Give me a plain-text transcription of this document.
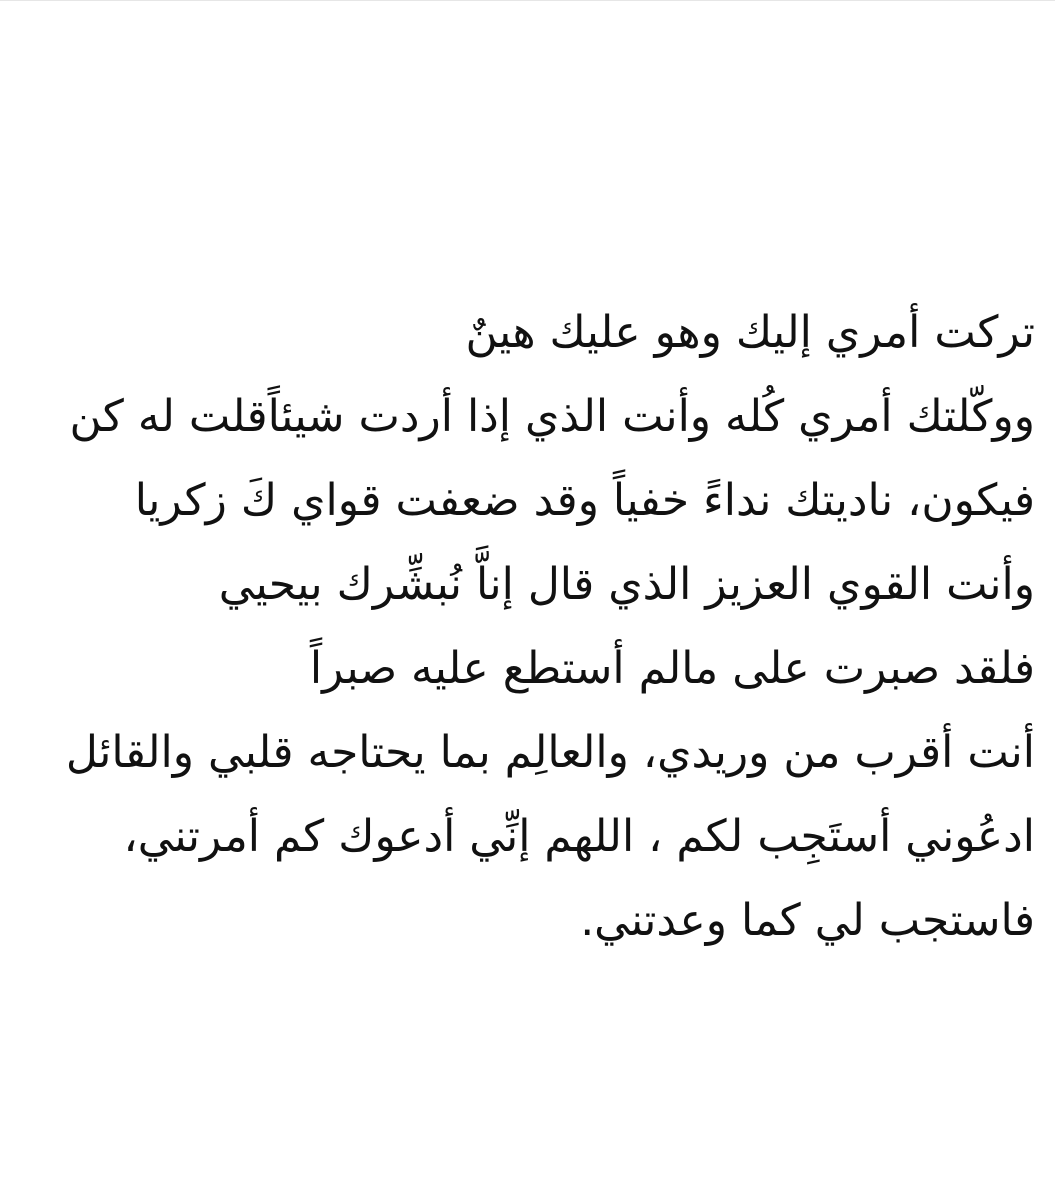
تركت أمري إليك وهو عليك هينٌ
ووكّلتك أمري كُله وأنت الذي إذا أردت شيئاًقلت له كن
فيكون، ناديتك نداءً خفياً وقد ضعفت قواي كَ زكريا
وأنت القوي العزيز الذي قال إناَّ نُبشِّرك بيحيي
فلقد صبرت على مالم أستطع عليه صبراً
أنت أقرب من وريدي، والعالِم بما يحتاجه قلبي والقائل
ادعُوني أستَجِب لكم ، اللهم إنِّي أدعوك كم أمرتني،
فاستجب لي كما وعدتني.
